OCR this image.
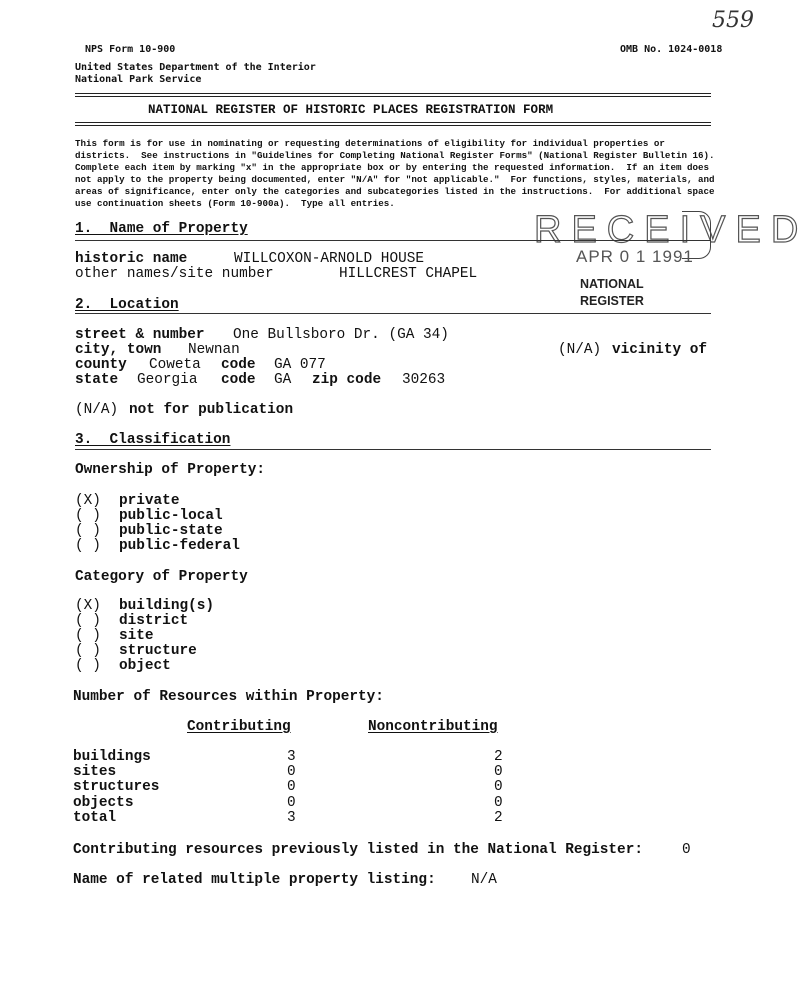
NPS Form 10-900	OMB No. 1024-0018
559
United States Department of the Interior
National Park Service
NATIONAL REGISTER OF HISTORIC PLACES REGISTRATION FORM
This form is for use in nominating or requesting determinations of eligibility for individual properties or
districts.  See instructions in "Guidelines for Completing National Register Forms" (National Register Bulletin 16).
Complete each item by marking "x" in the appropriate box or by entering the requested information.  If an item does
not apply to the property being documented, enter "N/A" for "not applicable."  For functions, styles, materials, and
areas of significance, enter only the categories and subcategories listed in the instructions.  For additional space
use continuation sheets (Form 10-900a).  Type all entries.
RECEIVED
APR 0 1 1991
NATIONAL
REGISTER
1.  Name of Property
historic name	WILLCOXON-ARNOLD HOUSE
other names/site number	HILLCREST CHAPEL
2.  Location
street & number One Bullsboro Dr. (GA 34)
city, town Newnan	(N/A) vicinity of
county Coweta code GA 077
state Georgia code GA zip code 30263
(N/A) not for publication
3.  Classification
Ownership of Property:
(X) private
( ) public-local
( ) public-state
( ) public-federal
Category of Property
(X) building(s)
( ) district
( ) site
( ) structure
( ) object
Number of Resources within Property:
Contributing	Noncontributing
buildings	3	2
sites	0	0
structures	0	0
objects	0	0
total	3	2
Contributing resources previously listed in the National Register:	0
Name of related multiple property listing: N/A
